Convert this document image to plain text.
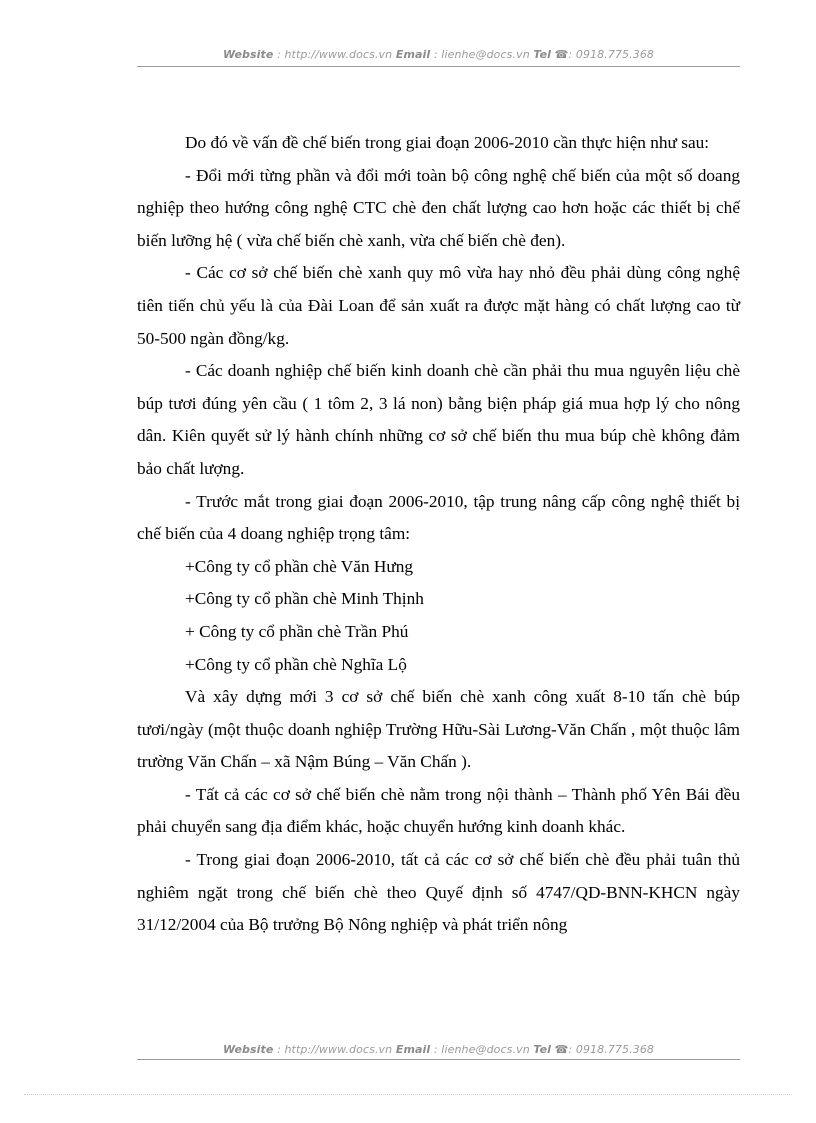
Website : http://www.docs.vn Email : lienhe@docs.vn Tel ☎: 0918.775.368

Do đó về vấn đề chế biến trong giai đoạn 2006-2010 cần thực hiện như sau:

- Đổi mới từng phần và đổi mới toàn bộ công nghệ chế biến của một số doang nghiệp theo hướng công nghệ CTC chè đen chất lượng cao hơn hoặc các thiết bị chế biến lưỡng hệ ( vừa chế biến chè xanh, vừa chế biến chè đen).

- Các cơ sở chế biến chè xanh quy mô vừa hay nhỏ đều phải dùng công nghệ tiên tiến chủ yếu là của Đài Loan để sản xuất ra được mặt hàng có chất lượng cao từ 50-500 ngàn đồng/kg.

- Các doanh nghiệp chế biến kinh doanh chè cần phải thu mua nguyên liệu chè búp tươi đúng yên cầu ( 1 tôm 2, 3 lá non) bằng biện pháp giá mua hợp lý cho nông dân. Kiên quyết sử lý hành chính những cơ sở chế biến thu mua búp chè không đảm bảo chất lượng.

- Trước mắt trong giai đoạn 2006-2010, tập trung nâng cấp công nghệ thiết bị chế biến của 4 doang nghiệp trọng tâm:

+Công ty cổ phần chè Văn Hưng

+Công ty cổ phần chè Minh Thịnh

+ Công ty cổ phần chè Trần Phú

+Công ty cổ phần chè Nghĩa Lộ

Và xây dựng mới 3 cơ sở chế biến chè xanh công xuất 8-10 tấn chè búp tươi/ngày (một thuộc doanh nghiệp Trường Hữu-Sài Lương-Văn Chấn , một thuộc lâm trường Văn Chấn – xã Nậm Búng – Văn Chấn ).

- Tất cả các cơ sở chế biến chè nằm trong nội thành – Thành phố Yên Bái đều phải chuyển sang địa điểm khác, hoặc chuyển hướng kinh doanh khác.

- Trong giai đoạn 2006-2010, tất cả các cơ sở chế biến chè đều phải tuân thủ nghiêm ngặt trong chế biến chè theo Quyế định số 4747/QD-BNN-KHCN ngày 31/12/2004 của Bộ trưởng Bộ Nông nghiệp và phát triển nông

Website : http://www.docs.vn Email : lienhe@docs.vn Tel ☎: 0918.775.368
